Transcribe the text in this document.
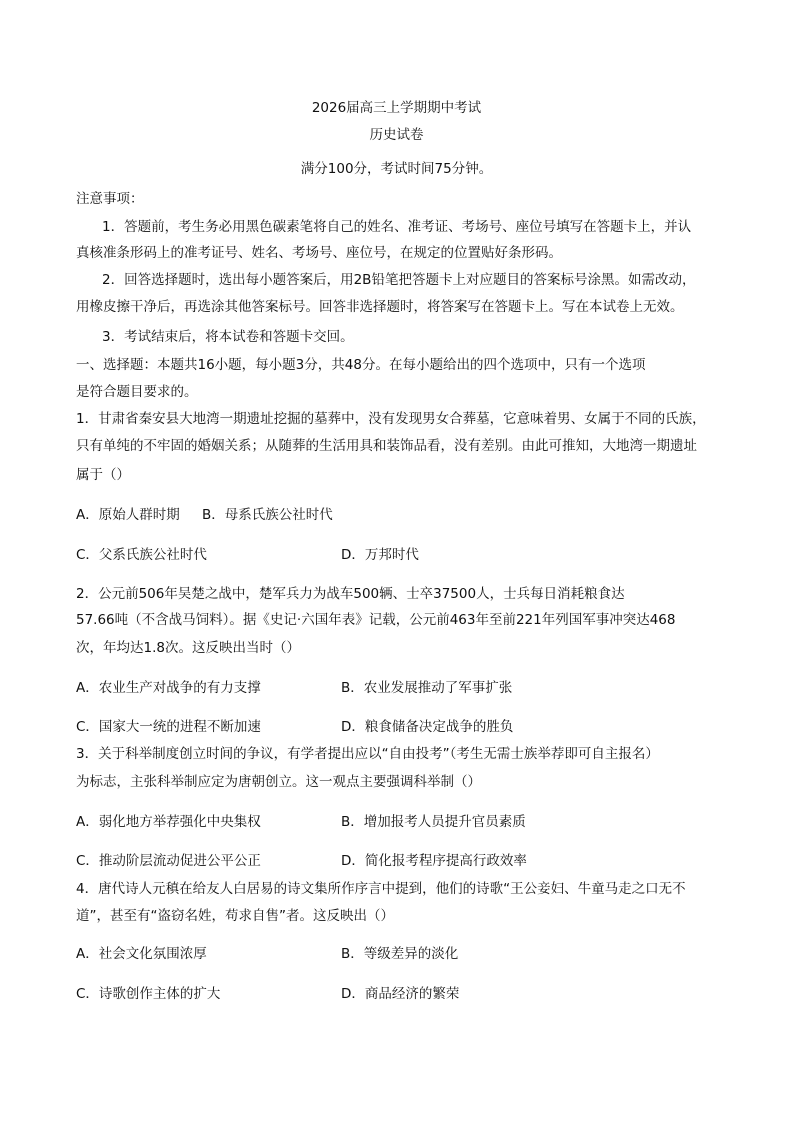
2026届高三上学期期中考试
历史试卷
满分100分，考试时间75分钟。
注意事项：
1．答题前，考生务必用黑色碳素笔将自己的姓名、准考证、考场号、座位号填写在答题卡上，并认
真核准条形码上的准考证号、姓名、考场号、座位号，在规定的位置贴好条形码。
2．回答选择题时，选出每小题答案后，用2B铅笔把答题卡上对应题目的答案标号涂黑。如需改动，
用橡皮擦干净后，再选涂其他答案标号。回答非选择题时，将答案写在答题卡上。写在本试卷上无效。
3．考试结束后，将本试卷和答题卡交回。
一、选择题：本题共16小题，每小题3分，共48分。在每小题给出的四个选项中，只有一个选项
是符合题目要求的。
1．甘肃省秦安县大地湾一期遗址挖掘的墓葬中，没有发现男女合葬墓，它意味着男、女属于不同的氏族，
只有单纯的不牢固的婚姻关系；从随葬的生活用具和装饰品看，没有差别。由此可推知，大地湾一期遗址
属于（）
A．原始人群时期 B．母系氏族公社时代
C．父系氏族公社时代	D．万邦时代
2．公元前506年吴楚之战中，楚军兵力为战车500辆、士卒37500人，士兵每日消耗粮食达
57.66吨（不含战马饲料）。据《史记·六国年表》记载，公元前463年至前221年列国军事冲突达468
次，年均达1.8次。这反映出当时（）
A．农业生产对战争的有力支撑	B．农业发展推动了军事扩张
C．国家大一统的进程不断加速	D．粮食储备决定战争的胜负
3．关于科举制度创立时间的争议，有学者提出应以“自由投考”（考生无需士族举荐即可自主报名）
为标志，主张科举制应定为唐朝创立。这一观点主要强调科举制（）
A．弱化地方举荐强化中央集权	B．增加报考人员提升官员素质
C．推动阶层流动促进公平公正	D．简化报考程序提高行政效率
4．唐代诗人元稹在给友人白居易的诗文集所作序言中提到，他们的诗歌“王公妾妇、牛童马走之口无不
道”，甚至有“盗窃名姓，苟求自售”者。这反映出（）
A．社会文化氛围浓厚	B．等级差异的淡化
C．诗歌创作主体的扩大	D．商品经济的繁荣
